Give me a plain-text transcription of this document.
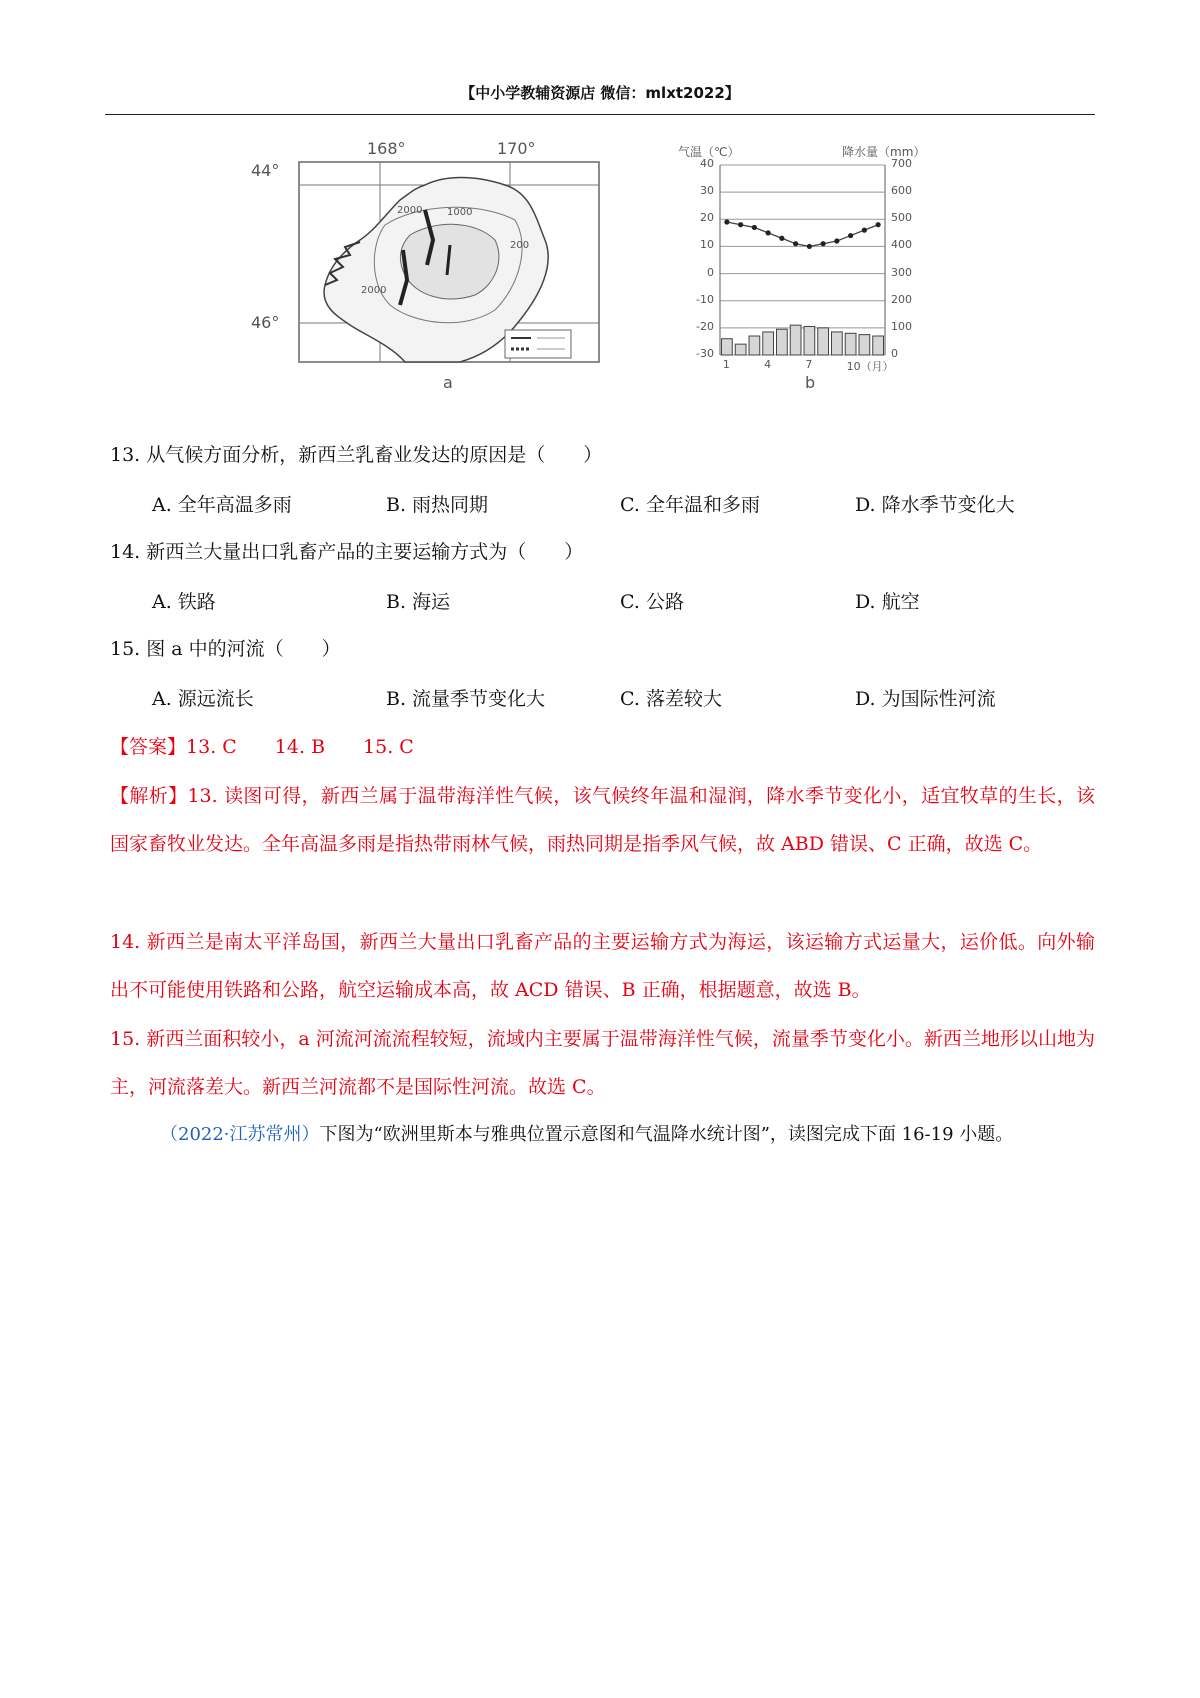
【中小学教辅资源店 微信：mlxt2022】
44°
46°
168°	170°
2000 1000
2000
200
a
气温（℃）	降水量（mm）
40
30
20
10
0
-10
-20
-30
700
600
500
400
300
200
100
0
1	4	7	10（月）
b
13. 从气候方面分析，新西兰乳畜业发达的原因是（　　）
A. 全年高温多雨	B. 雨热同期	C. 全年温和多雨	D. 降水季节变化大
14. 新西兰大量出口乳畜产品的主要运输方式为（　　）
A. 铁路	B. 海运	C. 公路	D. 航空
15. 图 a 中的河流（　　）
A. 源远流长	B. 流量季节变化大	C. 落差较大	D. 为国际性河流
【答案】13. C　　14. B　　15. C
【解析】13. 读图可得，新西兰属于温带海洋性气候，该气候终年温和湿润，降水季节变化小，适宜牧草的生长，该国家畜牧业发达。全年高温多雨是指热带雨林气候，雨热同期是指季风气候，故 ABD 错误、C 正确，故选 C。
14. 新西兰是南太平洋岛国，新西兰大量出口乳畜产品的主要运输方式为海运，该运输方式运量大，运价低。向外输出不可能使用铁路和公路，航空运输成本高，故 ACD 错误、B 正确，根据题意，故选 B。
15. 新西兰面积较小，a 河流河流流程较短，流域内主要属于温带海洋性气候，流量季节变化小。新西兰地形以山地为主，河流落差大。新西兰河流都不是国际性河流。故选 C。
（2022·江苏常州）下图为“欧洲里斯本与雅典位置示意图和气温降水统计图”，读图完成下面 16-19 小题。
